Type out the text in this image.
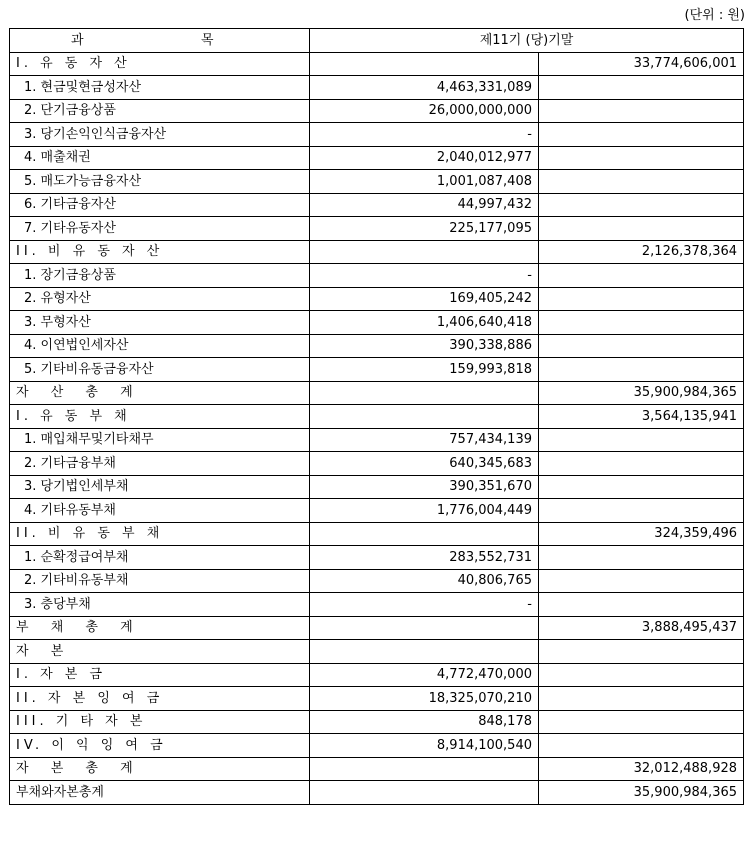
(단위 : 원)
과 목	제11기 (당)기말	
I. 유 동 자 산		33,774,606,001
1. 현금및현금성자산	4,463,331,089	
2. 단기금융상품	26,000,000,000	
3. 당기손익인식금융자산	-	
4. 매출채권	2,040,012,977	
5. 매도가능금융자산	1,001,087,408	
6. 기타금융자산	44,997,432	
7. 기타유동자산	225,177,095	
II. 비 유 동 자 산		2,126,378,364
1. 장기금융상품	-	
2. 유형자산	169,405,242	
3. 무형자산	1,406,640,418	
4. 이연법인세자산	390,338,886	
5. 기타비유동금융자산	159,993,818	
자 산 총 계		35,900,984,365
I. 유 동 부 채		3,564,135,941
1. 매입채무및기타채무	757,434,139	
2. 기타금융부채	640,345,683	
3. 당기법인세부채	390,351,670	
4. 기타유동부채	1,776,004,449	
II. 비 유 동 부 채		324,359,496
1. 순확정급여부채	283,552,731	
2. 기타비유동부채	40,806,765	
3. 충당부채	-	
부 채 총 계		3,888,495,437
자 본		
I. 자 본 금	4,772,470,000	
II. 자 본 잉 여 금	18,325,070,210	
III. 기 타 자 본	848,178	
IV. 이 익 잉 여 금	8,914,100,540	
자 본 총 계		32,012,488,928
부채와자본총계		35,900,984,365
